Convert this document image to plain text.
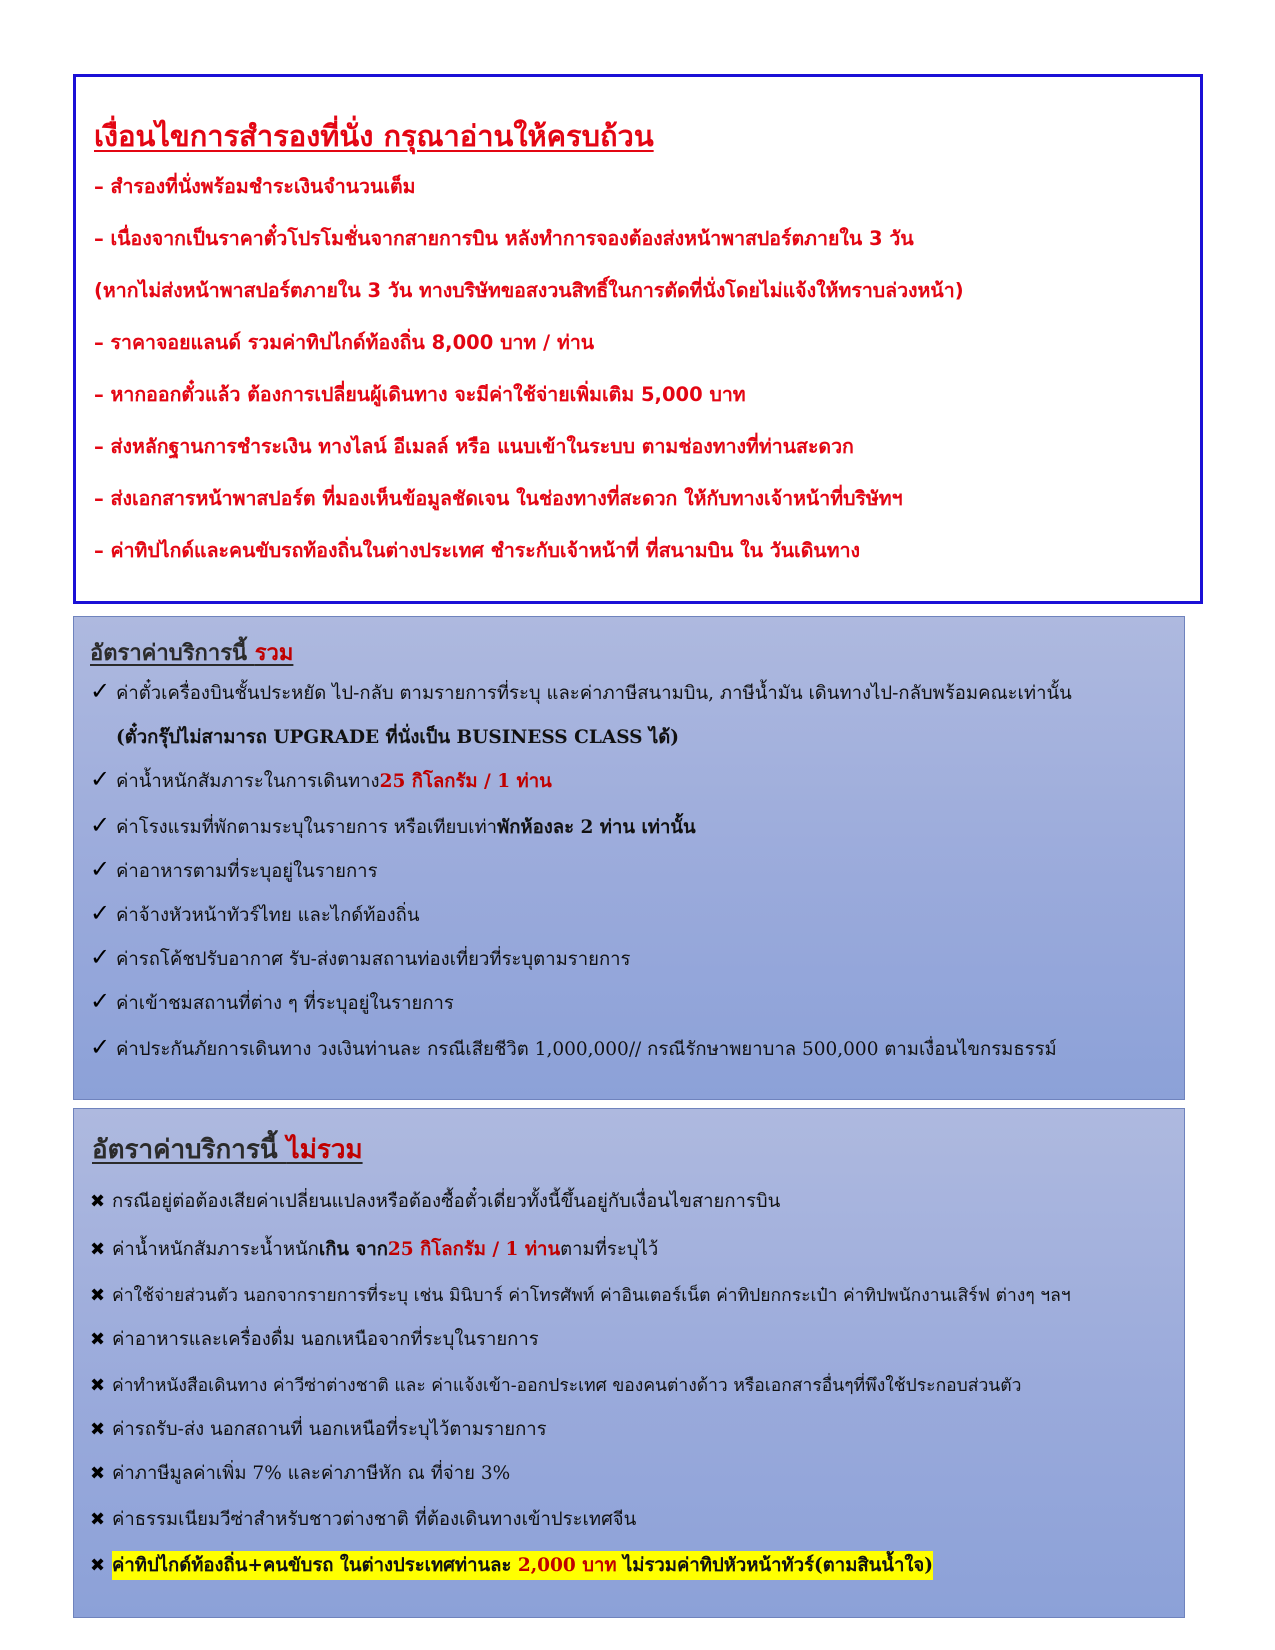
เงื่อนไขการสำรองที่นั่ง กรุณาอ่านให้ครบถ้วน

– สำรองที่นั่งพร้อมชำระเงินจำนวนเต็ม

– เนื่องจากเป็นราคาตั๋วโปรโมชั่นจากสายการบิน หลังทำการจองต้องส่งหน้าพาสปอร์ตภายใน 3 วัน

(หากไม่ส่งหน้าพาสปอร์ตภายใน 3 วัน ทางบริษัทขอสงวนสิทธิ์ในการตัดที่นั่งโดยไม่แจ้งให้ทราบล่วงหน้า)

– ราคาจอยแลนด์ รวมค่าทิปไกด์ท้องถิ่น 8,000 บาท / ท่าน

– หากออกตั๋วแล้ว ต้องการเปลี่ยนผู้เดินทาง จะมีค่าใช้จ่ายเพิ่มเติม 5,000 บาท

– ส่งหลักฐานการชำระเงิน ทางไลน์ อีเมลล์ หรือ แนบเข้าในระบบ ตามช่องทางที่ท่านสะดวก

– ส่งเอกสารหน้าพาสปอร์ต ที่มองเห็นข้อมูลชัดเจน ในช่องทางที่สะดวก ให้กับทางเจ้าหน้าที่บริษัทฯ

– ค่าทิปไกด์และคนขับรถท้องถิ่นในต่างประเทศ ชำระกับเจ้าหน้าที่ ที่สนามบิน ใน วันเดินทาง

อัตราค่าบริการนี้ รวม
✓ ค่าตั๋วเครื่องบินชั้นประหยัด ไป-กลับ ตามรายการที่ระบุ และค่าภาษีสนามบิน, ภาษีน้ำมัน เดินทางไป-กลับพร้อมคณะเท่านั้น
(ตั๋วกรุ๊ปไม่สามารถ UPGRADE ที่นั่งเป็น BUSINESS CLASS ได้)
✓ ค่าน้ำหนักสัมภาระในการเดินทาง 25 กิโลกรัม / 1 ท่าน
✓ ค่าโรงแรมที่พักตามระบุในรายการ หรือเทียบเท่า พักห้องละ 2 ท่าน เท่านั้น
✓ ค่าอาหารตามที่ระบุอยู่ในรายการ
✓ ค่าจ้างหัวหน้าทัวร์ไทย และไกด์ท้องถิ่น
✓ ค่ารถโค้ชปรับอากาศ รับ-ส่งตามสถานท่องเที่ยวที่ระบุตามรายการ
✓ ค่าเข้าชมสถานที่ต่าง ๆ ที่ระบุอยู่ในรายการ
✓ ค่าประกันภัยการเดินทาง วงเงินท่านละ กรณีเสียชีวิต 1,000,000// กรณีรักษาพยาบาล 500,000 ตามเงื่อนไขกรมธรรม์
อัตราค่าบริการนี้ ไม่รวม
✖ กรณีอยู่ต่อต้องเสียค่าเปลี่ยนแปลงหรือต้องซื้อตั๋วเดี่ยวทั้งนี้ขึ้นอยู่กับเงื่อนไขสายการบิน
✖ ค่าน้ำหนักสัมภาระน้ำหนัก เกิน จาก 25 กิโลกรัม / 1 ท่าน ตามที่ระบุไว้
✖ ค่าใช้จ่ายส่วนตัว นอกจากรายการที่ระบุ เช่น มินิบาร์ ค่าโทรศัพท์ ค่าอินเตอร์เน็ต ค่าทิปยกกระเป๋า ค่าทิปพนักงานเสิร์ฟ ต่างๆ ฯลฯ
✖ ค่าอาหารและเครื่องดื่ม นอกเหนือจากที่ระบุในรายการ
✖ ค่าทำหนังสือเดินทาง ค่าวีซ่าต่างชาติ และ ค่าแจ้งเข้า-ออกประเทศ ของคนต่างด้าว หรือเอกสารอื่นๆที่พึงใช้ประกอบส่วนตัว
✖ ค่ารถรับ-ส่ง นอกสถานที่ นอกเหนือที่ระบุไว้ตามรายการ
✖ ค่าภาษีมูลค่าเพิ่ม 7% และค่าภาษีหัก ณ ที่จ่าย 3%
✖ ค่าธรรมเนียมวีซ่าสำหรับชาวต่างชาติ ที่ต้องเดินทางเข้าประเทศจีน
✖ ค่าทิปไกด์ท้องถิ่น+คนขับรถ ในต่างประเทศท่านละ 2,000 บาท ไม่รวมค่าทิปหัวหน้าทัวร์(ตามสินน้ำใจ)
